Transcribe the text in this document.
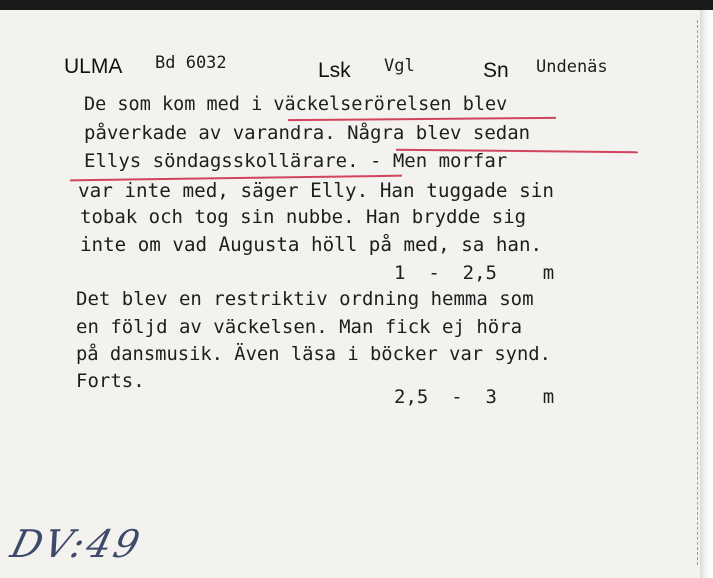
ULMA Bd 6032	Lsk Vgl	Sn Undenäs
De som kom med i väckelserörelsen blev
påverkade av varandra. Några blev sedan
Ellys söndagsskollärare. - Men morfar
var inte med, säger Elly. Han tuggade sin
tobak och tog sin nubbe. Han brydde sig
inte om vad Augusta höll på med, sa han.
1  -  2,5    m
Det blev en restriktiv ordning hemma som
en följd av väckelsen. Man fick ej höra
på dansmusik. Även läsa i böcker var synd.
Forts.
2,5  -  3    m
DV:49
